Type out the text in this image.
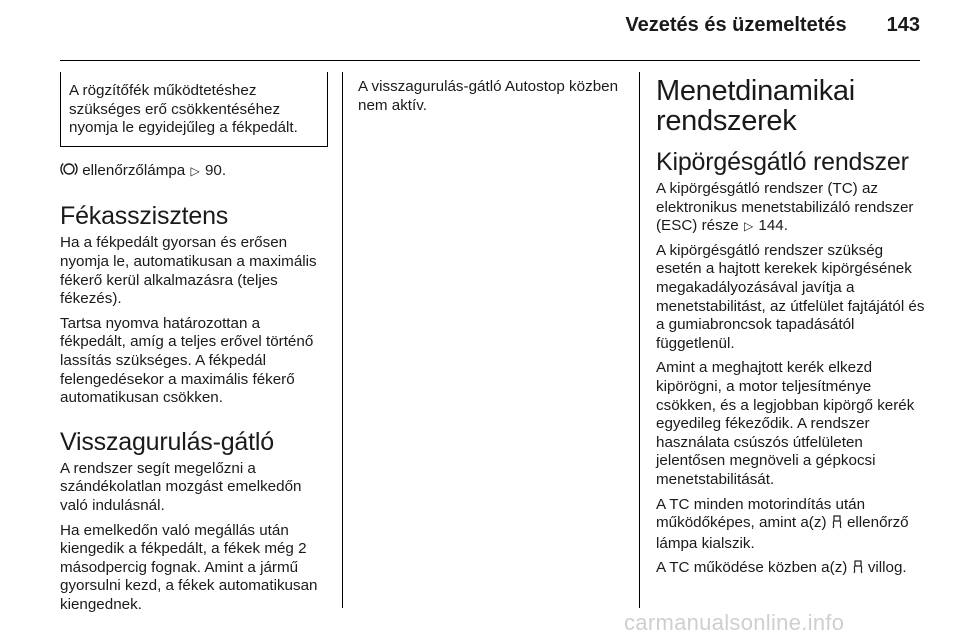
Vezetés és üzemeltetés 143
A rögzítőfék működtetéshez szükséges erő csökkentéséhez nyomja le egyidejűleg a fékpedált.

ellenőrzőlámpa ▷ 90.

Fékasszisztens

Ha a fékpedált gyorsan és erősen nyomja le, automatikusan a maximális fékerő kerül alkalmazásra (teljes fékezés).

Tartsa nyomva határozottan a fékpedált, amíg a teljes erővel történő lassítás szükséges. A fékpedál felengedésekor a maximális fékerő automatikusan csökken.

Visszagurulás-gátló

A rendszer segít megelőzni a szándékolatlan mozgást emelkedőn való indulásnál.

Ha emelkedőn való megállás után kiengedik a fékpedált, a fékek még 2 másodpercig fognak. Amint a jármű gyorsulni kezd, a fékek automatikusan kiengednek.

A visszagurulás-gátló Autostop közben nem aktív.	Menetdinamikai rendszerek
Kipörgésgátló rendszer

A kipörgésgátló rendszer (TC) az elektronikus menetstabilizáló rendszer (ESC) része ▷ 144.

A kipörgésgátló rendszer szükség esetén a hajtott kerekek kipörgésének megakadályozásával javítja a menetstabilitást, az útfelület fajtájától és a gumiabroncsok tapadásától függetlenül.

Amint a meghajtott kerék elkezd kipörögni, a motor teljesítménye csökken, és a legjobban kipörgő kerék egyedileg fékeződik. A rendszer használata csúszós útfelületen jelentősen megnöveli a gépkocsi menetstabilitását.

A TC minden motorindítás után működőképes, amint a(z) ellenőrző lámpa kialszik.

A TC működése közben a(z) villog.

carmanualsonline.info
